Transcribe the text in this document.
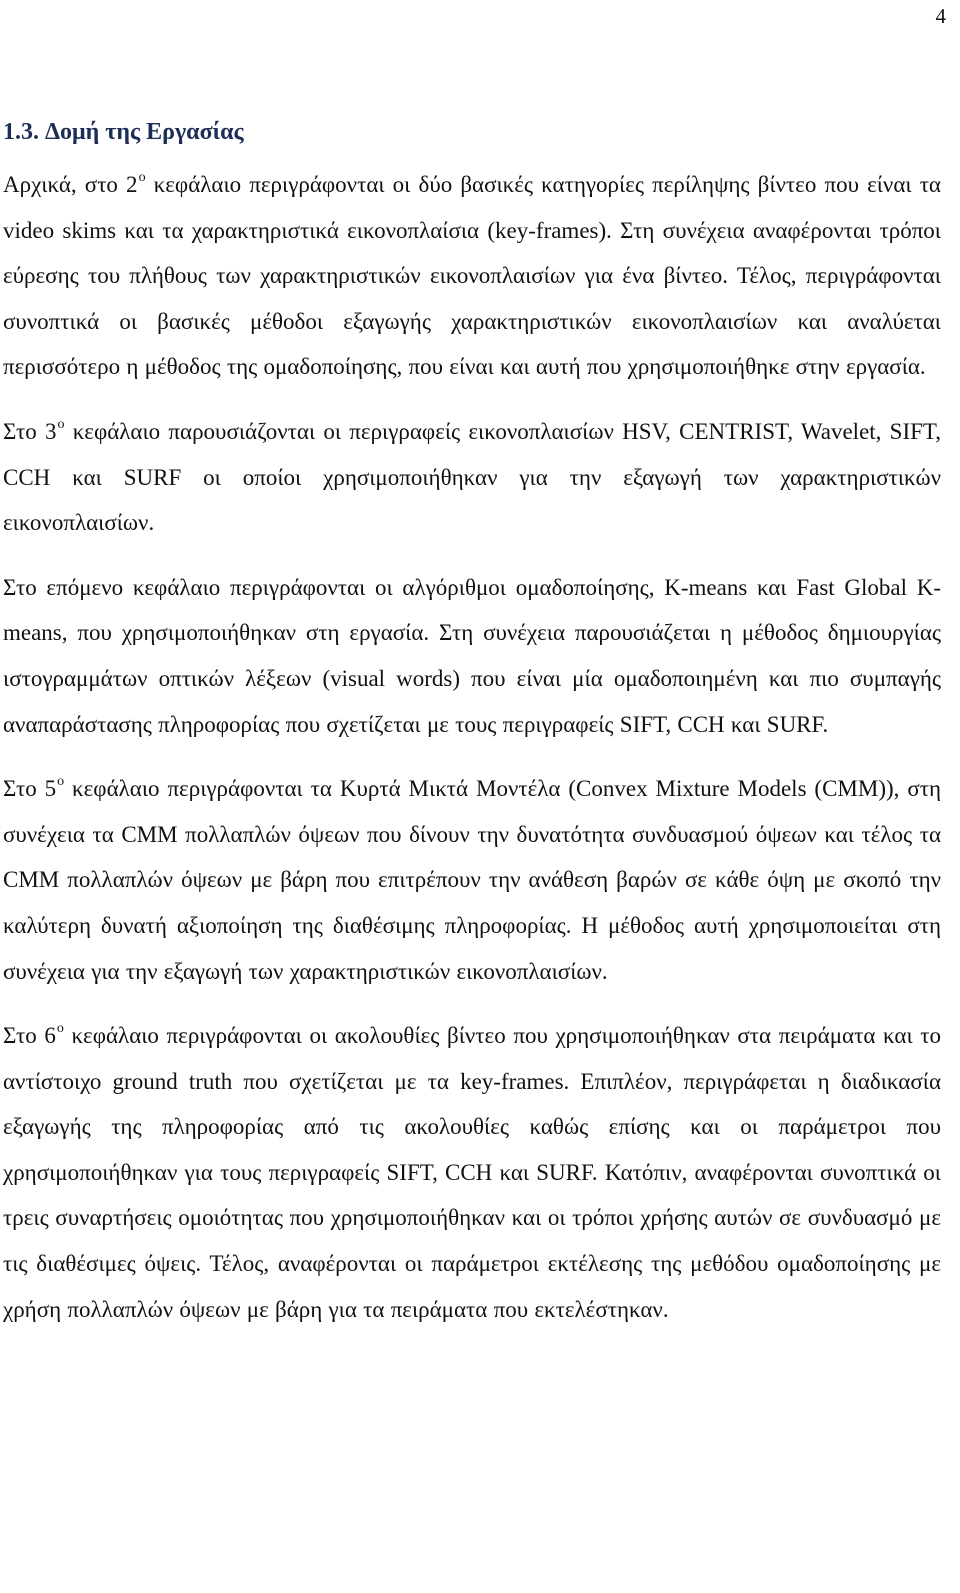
4
1.3. Δομή της Εργασίας

Αρχικά, στο $2^o$ κεφάλαιο περιγράφονται οι δύο βασικές κατηγορίες περίληψης βίντεο που είναι τα video skims και τα χαρακτηριστικά εικονοπλαίσια (key-frames). Στη συνέχεια αναφέρονται τρόποι εύρεσης του πλήθους των χαρακτηριστικών εικονοπλαισίων για ένα βίντεο. Τέλος, περιγράφονται συνοπτικά οι βασικές μέθοδοι εξαγωγής χαρακτηριστικών εικονοπλαισίων και αναλύεται περισσότερο η μέθοδος της ομαδοποίησης, που είναι και αυτή που χρησιμοποιήθηκε στην εργασία.

Στο $3^o$ κεφάλαιο παρουσιάζονται οι περιγραφείς εικονοπλαισίων HSV, CENTRIST, Wavelet, SIFT, CCH και SURF οι οποίοι χρησιμοποιήθηκαν για την εξαγωγή των χαρακτηριστικών εικονοπλαισίων.

Στο επόμενο κεφάλαιο περιγράφονται οι αλγόριθμοι ομαδοποίησης, K-means και Fast Global K-means, που χρησιμοποιήθηκαν στη εργασία. Στη συνέχεια παρουσιάζεται η μέθοδος δημιουργίας ιστογραμμάτων οπτικών λέξεων (visual words) που είναι μία ομαδοποιημένη και πιο συμπαγής αναπαράστασης πληροφορίας που σχετίζεται με τους περιγραφείς SIFT, CCH και SURF.

Στο $5^o$ κεφάλαιο περιγράφονται τα Κυρτά Μικτά Μοντέλα (Convex Mixture Models (CMM)), στη συνέχεια τα CMM πολλαπλών όψεων που δίνουν την δυνατότητα συνδυασμού όψεων και τέλος τα CMM πολλαπλών όψεων με βάρη που επιτρέπουν την ανάθεση βαρών σε κάθε όψη με σκοπό την καλύτερη δυνατή αξιοποίηση της διαθέσιμης πληροφορίας. Η μέθοδος αυτή χρησιμοποιείται στη συνέχεια για την εξαγωγή των χαρακτηριστικών εικονοπλαισίων.

Στο $6^o$ κεφάλαιο περιγράφονται οι ακολουθίες βίντεο που χρησιμοποιήθηκαν στα πειράματα και το αντίστοιχο ground truth που σχετίζεται με τα key-frames. Επιπλέον, περιγράφεται η διαδικασία εξαγωγής της πληροφορίας από τις ακολουθίες καθώς επίσης και οι παράμετροι που χρησιμοποιήθηκαν για τους περιγραφείς SIFT, CCH και SURF. Κατόπιν, αναφέρονται συνοπτικά οι τρεις συναρτήσεις ομοιότητας που χρησιμοποιήθηκαν και οι τρόποι χρήσης αυτών σε συνδυασμό με τις διαθέσιμες όψεις. Τέλος, αναφέρονται οι παράμετροι εκτέλεσης της μεθόδου ομαδοποίησης με χρήση πολλαπλών όψεων με βάρη για τα πειράματα που εκτελέστηκαν.
